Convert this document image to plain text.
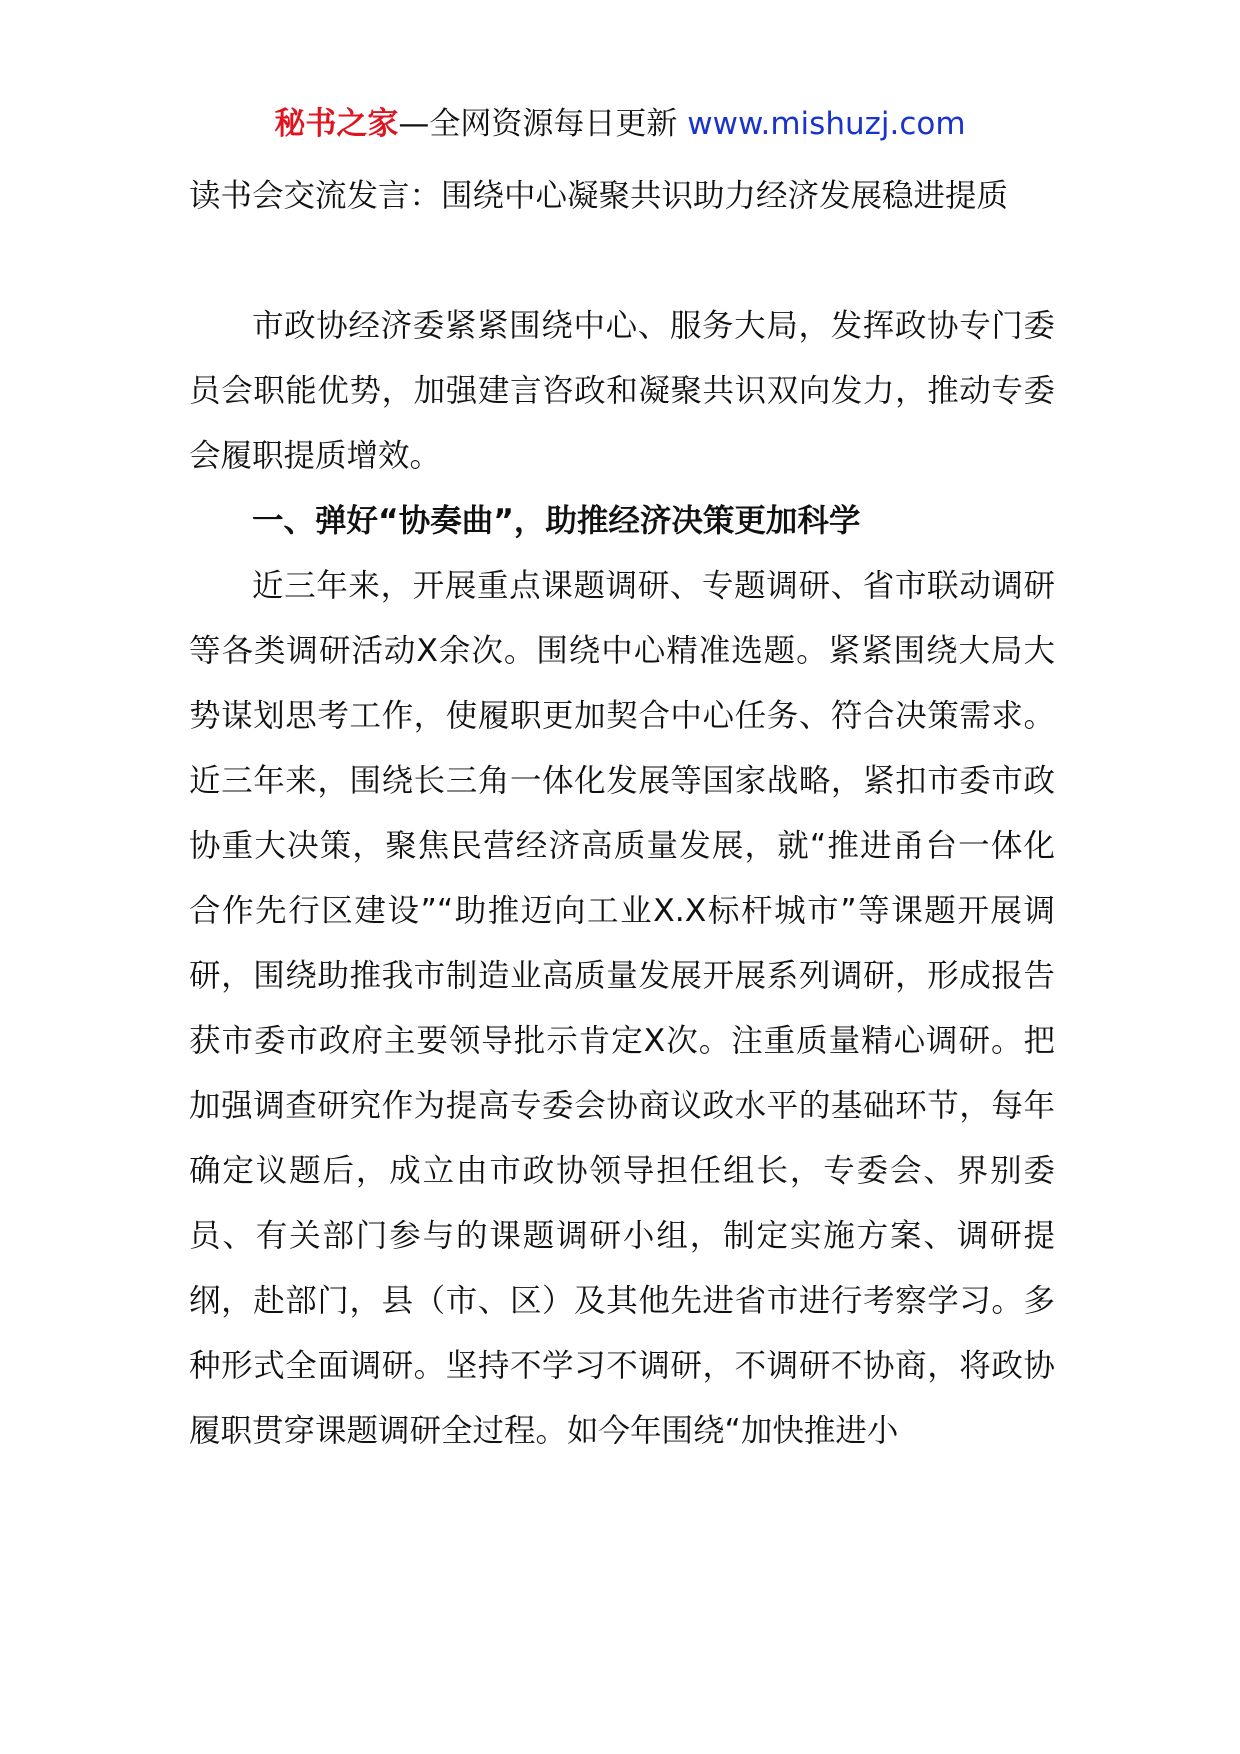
秘书之家—全网资源每日更新 www.mishuzj.com
读书会交流发言：围绕中心凝聚共识助力经济发展稳进提质

市政协经济委紧紧围绕中心、服务大局，发挥政协专门委员会职能优势，加强建言咨政和凝聚共识双向发力，推动专委会履职提质增效。

一、弹好“协奏曲”，助推经济决策更加科学

近三年来，开展重点课题调研、专题调研、省市联动调研等各类调研活动X余次。围绕中心精准选题。紧紧围绕大局大势谋划思考工作，使履职更加契合中心任务、符合决策需求。近三年来，围绕长三角一体化发展等国家战略，紧扣市委市政协重大决策，聚焦民营经济高质量发展，就“推进甬台一体化合作先行区建设”“助推迈向工业X.X标杆城市”等课题开展调研，围绕助推我市制造业高质量发展开展系列调研，形成报告获市委市政府主要领导批示肯定X次。注重质量精心调研。把加强调查研究作为提高专委会协商议政水平的基础环节，每年确定议题后，成立由市政协领导担任组长，专委会、界别委员、有关部门参与的课题调研小组，制定实施方案、调研提纲，赴部门，县（市、区）及其他先进省市进行考察学习。多种形式全面调研。坚持不学习不调研，不调研不协商，将政协履职贯穿课题调研全过程。如今年围绕“加快推进小
